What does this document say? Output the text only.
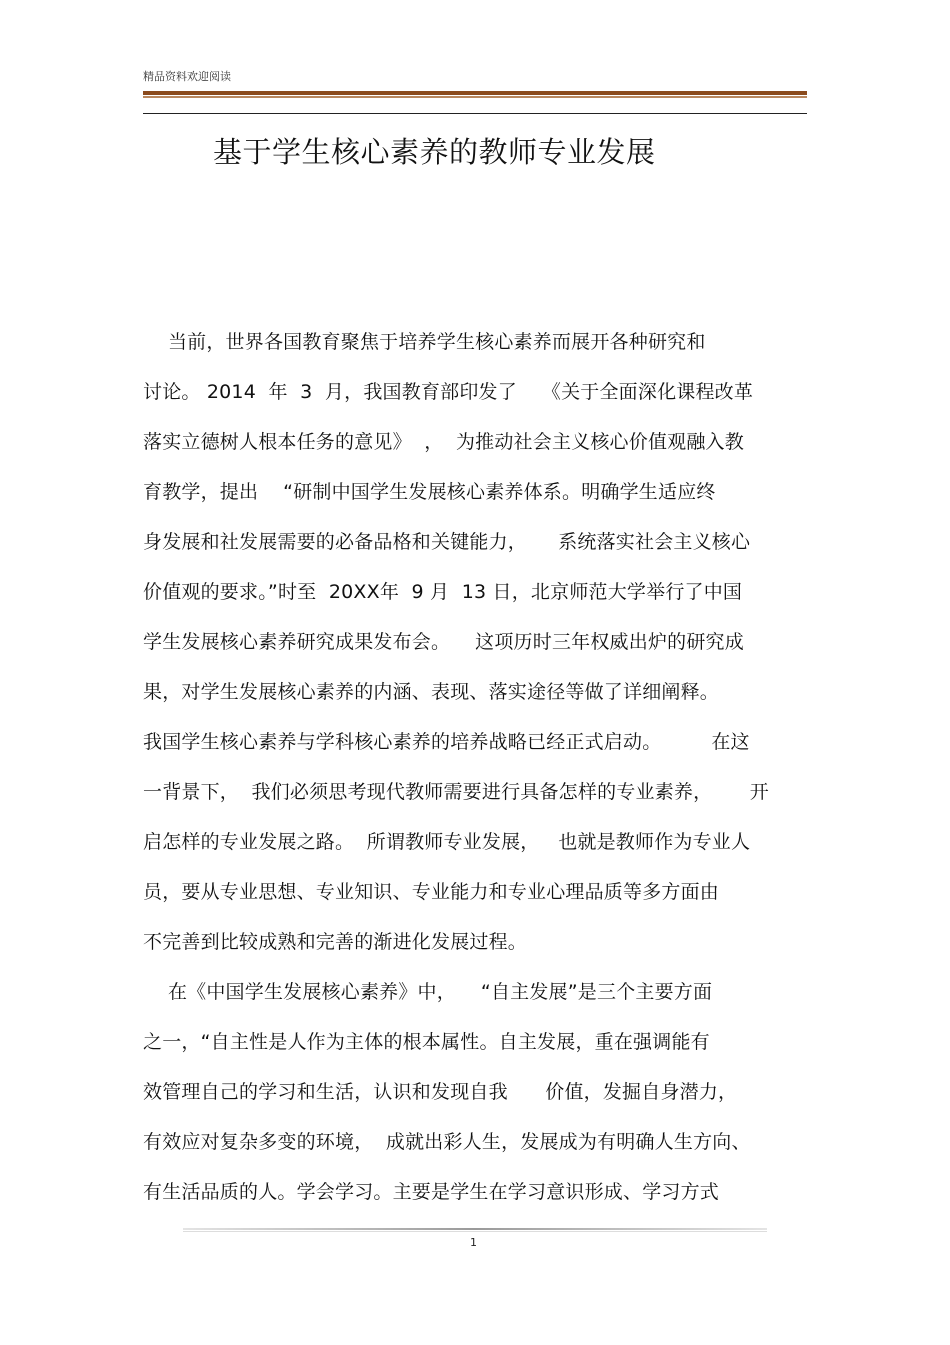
精品资料欢迎阅读
基于学生核心素养的教师专业发展
当前，世界各国教育聚焦于培养学生核心素养而展开各种研究和
讨论。 2014  年  3  月，我国教育部印发了    《关于全面深化课程改革
落实立德树人根本任务的意见》  ，  为推动社会主义核心价值观融入教
育教学，提出    “研制中国学生发展核心素养体系。明确学生适应终
身发展和社发展需要的必备品格和关键能力，     系统落实社会主义核心
价值观的要求。”时至  20XX年  9 月  13 日，北京师范大学举行了中国
学生发展核心素养研究成果发布会。    这项历时三年权威出炉的研究成
果，对学生发展核心素养的内涵、表现、落实途径等做了详细阐释。
我国学生核心素养与学科核心素养的培养战略已经正式启动。        在这
一背景下，  我们必须思考现代教师需要进行具备怎样的专业素养，      开
启怎样的专业发展之路。  所谓教师专业发展，   也就是教师作为专业人
员，要从专业思想、专业知识、专业能力和专业心理品质等多方面由
不完善到比较成熟和完善的渐进化发展过程。
在《中国学生发展核心素养》中，    “自主发展”是三个主要方面
之一，“自主性是人作为主体的根本属性。自主发展，重在强调能有
效管理自己的学习和生活，认识和发现自我      价值，发掘自身潜力，
有效应对复杂多变的环境，  成就出彩人生，发展成为有明确人生方向、
有生活品质的人。学会学习。主要是学生在学习意识形成、学习方式
1
